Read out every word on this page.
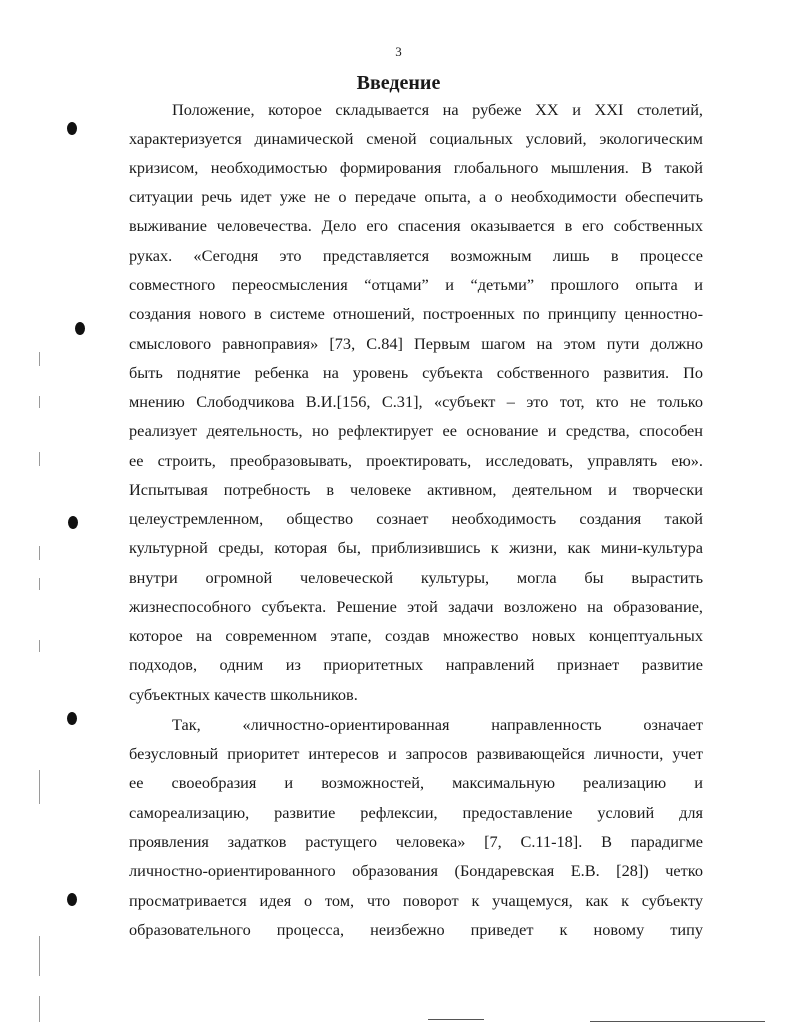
3
Введение
Положение, которое складывается на рубеже XX и XXI столетий,
характеризуется динамической сменой социальных условий, экологическим
кризисом, необходимостью формирования глобального мышления. В такой
ситуации речь идет уже не о передаче опыта, а о необходимости обеспечить
выживание человечества. Дело его спасения оказывается в его собственных
руках. «Сегодня это представляется возможным лишь в процессе
совместного переосмысления “отцами” и “детьми” прошлого опыта и
создания нового в системе отношений, построенных по принципу ценностно-
смыслового равноправия» [73, С.84] Первым шагом на этом пути должно
быть поднятие ребенка на уровень субъекта собственного развития. По
мнению Слободчикова В.И.[156, С.31], «субъект – это тот, кто не только
реализует деятельность, но рефлектирует ее основание и средства, способен
ее строить, преобразовывать, проектировать, исследовать, управлять ею».
Испытывая потребность в человеке активном, деятельном и творчески
целеустремленном, общество сознает необходимость создания такой
культурной среды, которая бы, приблизившись к жизни, как мини-культура
внутри огромной человеческой культуры, могла бы вырастить
жизнеспособного субъекта. Решение этой задачи возложено на образование,
которое на современном этапе, создав множество новых концептуальных
подходов, одним из приоритетных направлений признает развитие
субъектных качеств школьников.
Так, «личностно-ориентированная направленность означает
безусловный приоритет интересов и запросов развивающейся личности, учет
ее своеобразия и возможностей, максимальную реализацию и
самореализацию, развитие рефлексии, предоставление условий для
проявления задатков растущего человека» [7, С.11-18]. В парадигме
личностно-ориентированного образования (Бондаревская Е.В. [28]) четко
просматривается идея о том, что поворот к учащемуся, как к субъекту
образовательного процесса, неизбежно приведет к новому типу
